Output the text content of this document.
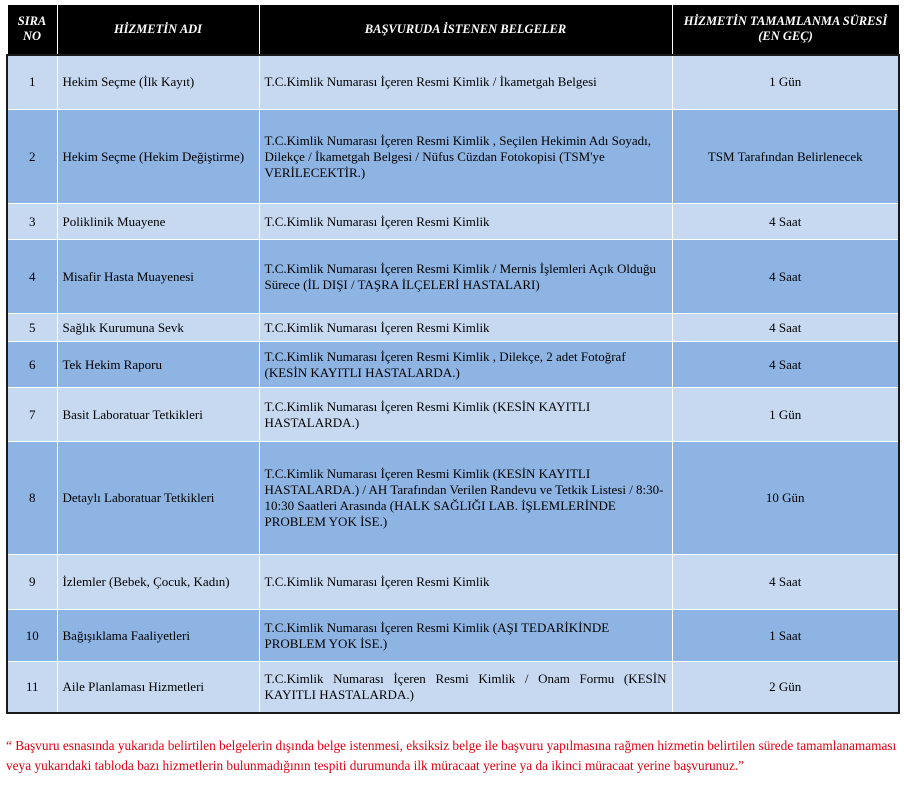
SIRA NO	HİZMETİN ADI	BAŞVURUDA İSTENEN BELGELER	HİZMETİN TAMAMLANMA SÜRESİ (EN GEÇ)
1	Hekim Seçme (İlk Kayıt)	T.C.Kimlik Numarası İçeren Resmi Kimlik / İkametgah Belgesi	1 Gün
2	Hekim Seçme (Hekim Değiştirme)	T.C.Kimlik Numarası İçeren Resmi Kimlik , Seçilen Hekimin Adı Soyadı, Dilekçe / İkametgah Belgesi / Nüfus Cüzdan Fotokopisi (TSM'ye VERİLECEKTİR.)	TSM Tarafından Belirlenecek
3	Poliklinik Muayene	T.C.Kimlik Numarası İçeren Resmi Kimlik	4 Saat
4	Misafir Hasta Muayenesi	T.C.Kimlik Numarası İçeren Resmi Kimlik / Mernis İşlemleri Açık Olduğu Sürece (İL DIŞI / TAŞRA İLÇELERİ HASTALARI)	4 Saat
5	Sağlık Kurumuna Sevk	T.C.Kimlik Numarası İçeren Resmi Kimlik	4 Saat
6	Tek Hekim Raporu	T.C.Kimlik Numarası İçeren Resmi Kimlik , Dilekçe, 2 adet Fotoğraf (KESİN KAYITLI HASTALARDA.)	4 Saat
7	Basit Laboratuar Tetkikleri	T.C.Kimlik Numarası İçeren Resmi Kimlik (KESİN KAYITLI HASTALARDA.)	1 Gün
8	Detaylı Laboratuar Tetkikleri	T.C.Kimlik Numarası İçeren Resmi Kimlik (KESİN KAYITLI HASTALARDA.) / AH Tarafından Verilen Randevu ve Tetkik Listesi / 8:30-10:30 Saatleri Arasında (HALK SAĞLIĞI LAB. İŞLEMLERİNDE PROBLEM YOK İSE.)	10 Gün
9	İzlemler (Bebek, Çocuk, Kadın)	T.C.Kimlik Numarası İçeren Resmi Kimlik	4 Saat
10	Bağışıklama Faaliyetleri	T.C.Kimlik Numarası İçeren Resmi Kimlik (AŞI TEDARİKİNDE PROBLEM YOK İSE.)	1 Saat
11	Aile Planlaması Hizmetleri	T.C.Kimlik Numarası İçeren Resmi Kimlik / Onam Formu (KESİN KAYITLI HASTALARDA.)	2 Gün
“ Başvuru esnasında yukarıda belirtilen belgelerin dışında belge istenmesi, eksiksiz belge ile başvuru yapılmasına rağmen hizmetin belirtilen sürede tamamlanamaması veya yukarıdaki tabloda bazı hizmetlerin bulunmadığının tespiti durumunda ilk müracaat yerine ya da ikinci müracaat yerine başvurunuz.”
